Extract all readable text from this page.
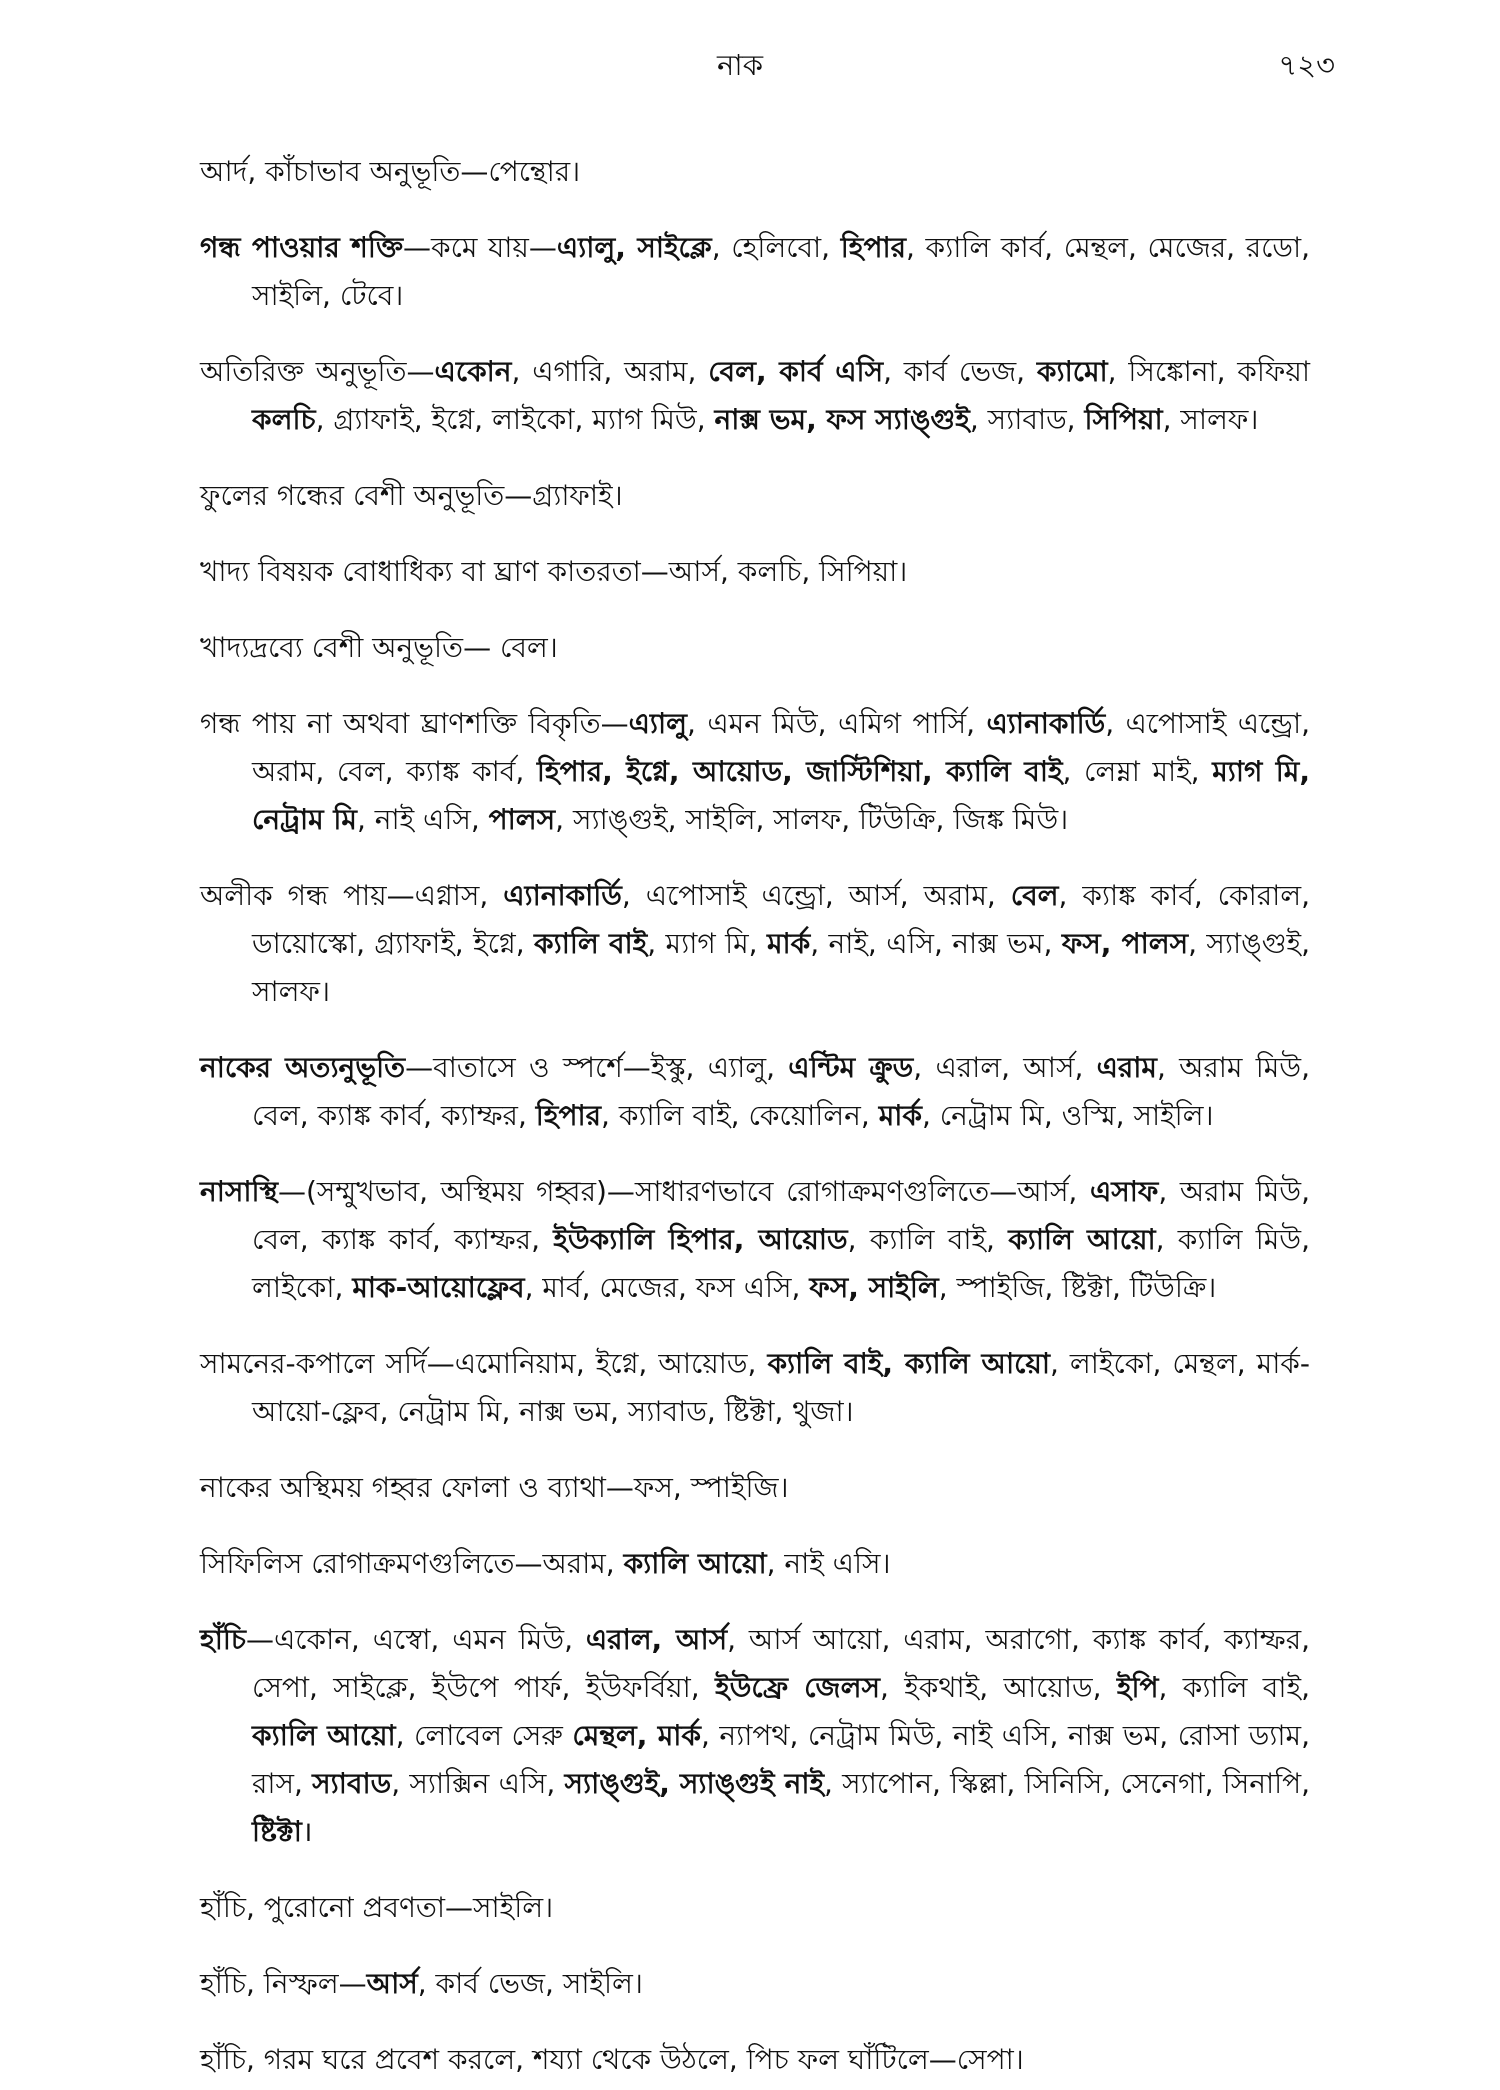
নাক	৭২৩

আর্দ, কাঁচাভাব অনুভূতি—পেন্থোর।

গন্ধ পাওয়ার শক্তি—কমে যায়—এ্যালু, সাইক্লে, হেলিবো, হিপার, ক্যালি কার্ব, মেন্থল, মেজের, রডো, সাইলি, টেবে।

অতিরিক্ত অনুভূতি—একোন, এগারি, অরাম, বেল, কার্ব এসি, কার্ব ভেজ, ক্যামো, সিঙ্কোনা, কফিয়া কলচি, গ্র্যাফাই, ইগ্নে, লাইকো, ম্যাগ মিউ, নাক্স ভম, ফস স্যাঙ্গুই, স্যাবাড, সিপিয়া, সালফ।

ফুলের গন্ধের বেশী অনুভূতি—গ্র্যাফাই।

খাদ্য বিষয়ক বোধাধিক্য বা ঘ্রাণ কাতরতা—আর্স, কলচি, সিপিয়া।

খাদ্যদ্রব্যে বেশী অনুভূতি— বেল।

গন্ধ পায় না অথবা ঘ্রাণশক্তি বিকৃতি—এ্যালু, এমন মিউ, এমিগ পার্সি, এ্যানাকার্ডি, এপোসাই এন্ড্রো, অরাম, বেল, ক্যাঙ্ক কার্ব, হিপার, ইগ্নে, আয়োড, জাস্টিশিয়া, ক্যালি বাই, লেম্না মাই, ম্যাগ মি, নেট্রাম মি, নাই এসি, পালস, স্যাঙ্গুই, সাইলি, সালফ, টিউক্রি, জিঙ্ক মিউ।

অলীক গন্ধ পায়—এগ্নাস, এ্যানাকার্ডি, এপোসাই এন্ড্রো, আর্স, অরাম, বেল, ক্যাঙ্ক কার্ব, কোরাল, ডায়োস্কো, গ্র্যাফাই, ইগ্নে, ক্যালি বাই, ম্যাগ মি, মার্ক, নাই, এসি, নাক্স ভম, ফস, পালস, স্যাঙ্গুই, সালফ।

নাকের অত্যনুভূতি—বাতাসে ও স্পর্শে—ইস্কু, এ্যালু, এন্টিম ক্রুড, এরাল, আর্স, এরাম, অরাম মিউ, বেল, ক্যাঙ্ক কার্ব, ক্যাম্ফর, হিপার, ক্যালি বাই, কেয়োলিন, মার্ক, নেট্রাম মি, ওস্মি, সাইলি।

নাসাস্থি—(সম্মুখভাব, অস্থিময় গহ্বর)—সাধারণভাবে রোগাক্রমণগুলিতে—আর্স, এসাফ, অরাম মিউ, বেল, ক্যাঙ্ক কার্ব, ক্যাম্ফর, ইউক্যালি হিপার, আয়োড, ক্যালি বাই, ক্যালি আয়ো, ক্যালি মিউ, লাইকো, মাক-আয়োফ্লেব, মার্ব, মেজের, ফস এসি, ফস, সাইলি, স্পাইজি, ষ্টিক্টা, টিউক্রি।

সামনের-কপালে সর্দি—এমোনিয়াম, ইগ্নে, আয়োড, ক্যালি বাই, ক্যালি আয়ো, লাইকো, মেন্থল, মার্ক-আয়ো-ফ্লেব, নেট্রাম মি, নাক্স ভম, স্যাবাড, ষ্টিক্টা, থুজা।

নাকের অস্থিময় গহ্বর ফোলা ও ব্যাথা—ফস, স্পাইজি।

সিফিলিস রোগাক্রমণগুলিতে—অরাম, ক্যালি আয়ো, নাই এসি।

হাঁচি—একোন, এস্বো, এমন মিউ, এরাল, আর্স, আর্স আয়ো, এরাম, অরাগো, ক্যাঙ্ক কার্ব, ক্যাম্ফর, সেপা, সাইক্লে, ইউপে পার্ফ, ইউফর্বিয়া, ইউফ্রে জেলস, ইকথাই, আয়োড, ইপি, ক্যালি বাই, ক্যালি আয়ো, লোবেল সেরু মেন্থল, মার্ক, ন্যাপথ, নেট্রাম মিউ, নাই এসি, নাক্স ভম, রোসা ড্যাম, রাস, স্যাবাড, স্যাক্সিন এসি, স্যাঙ্গুই, স্যাঙ্গুই নাই, স্যাপোন, স্কিল্লা, সিনিসি, সেনেগা, সিনাপি, ষ্টিক্টা।

হাঁচি, পুরোনো প্রবণতা—সাইলি।

হাঁচি, নিস্ফল—আর্স, কার্ব ভেজ, সাইলি।

হাঁচি, গরম ঘরে প্রবেশ করলে, শয্যা থেকে উঠলে, পিচ ফল ঘাঁটিলে—সেপা।
